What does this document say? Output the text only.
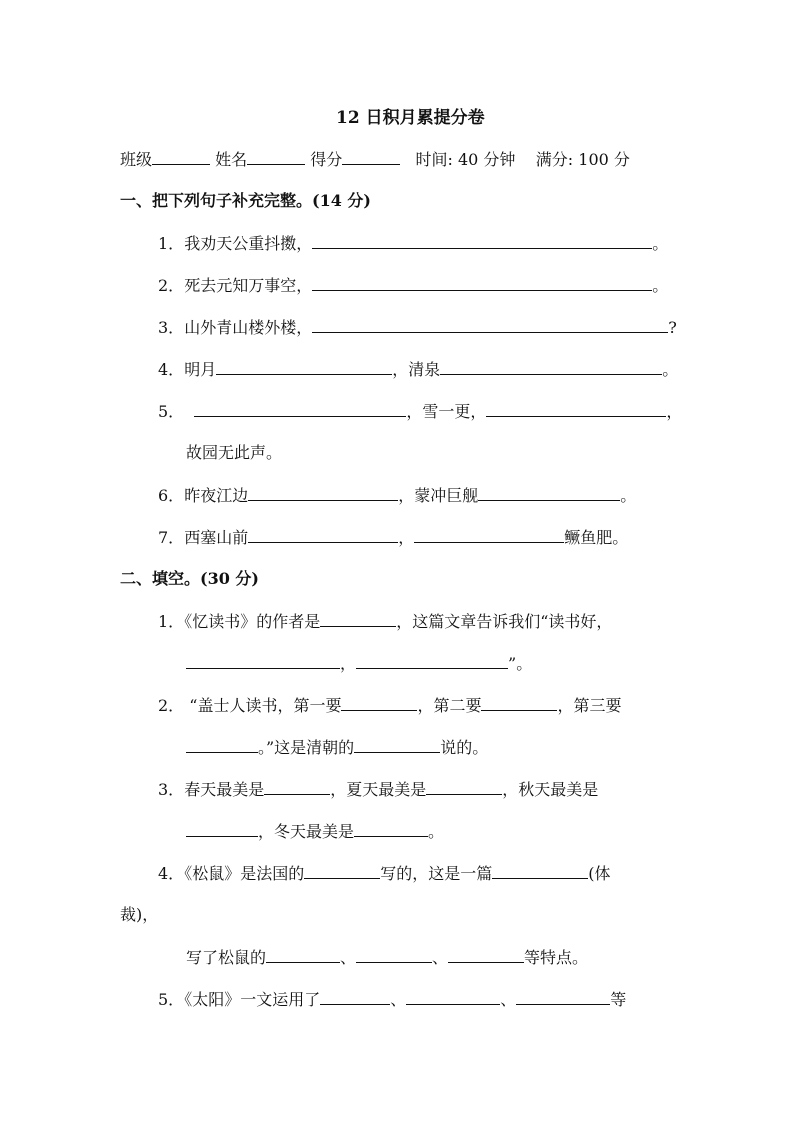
12 日积月累提分卷
班级	姓名	得分	时间: 40 分钟 满分: 100 分
一、把下列句子补充完整。(14 分)
1．我劝天公重抖擞，	。
2．死去元知万事空，	。
3．山外青山楼外楼，	?
4．明月	，清泉	。
5．	，雪一更，	，
故园无此声。
6．昨夜江边	，蒙冲巨舰	。
7．西塞山前	，	鳜鱼肥。
二、填空。(30 分)
1．《忆读书》的作者是	，这篇文章告诉我们“读书好，
，	”。
2． “盖士人读书，第一要	，第二要	，第三要
。”这是清朝的	说的。
3．春天最美是	，夏天最美是	，秋天最美是
，冬天最美是	。
4．《松鼠》是法国的	写的，这是一篇	(体
裁)，
写了松鼠的	、	、	等特点。
5．《太阳》一文运用了	、	、	等
